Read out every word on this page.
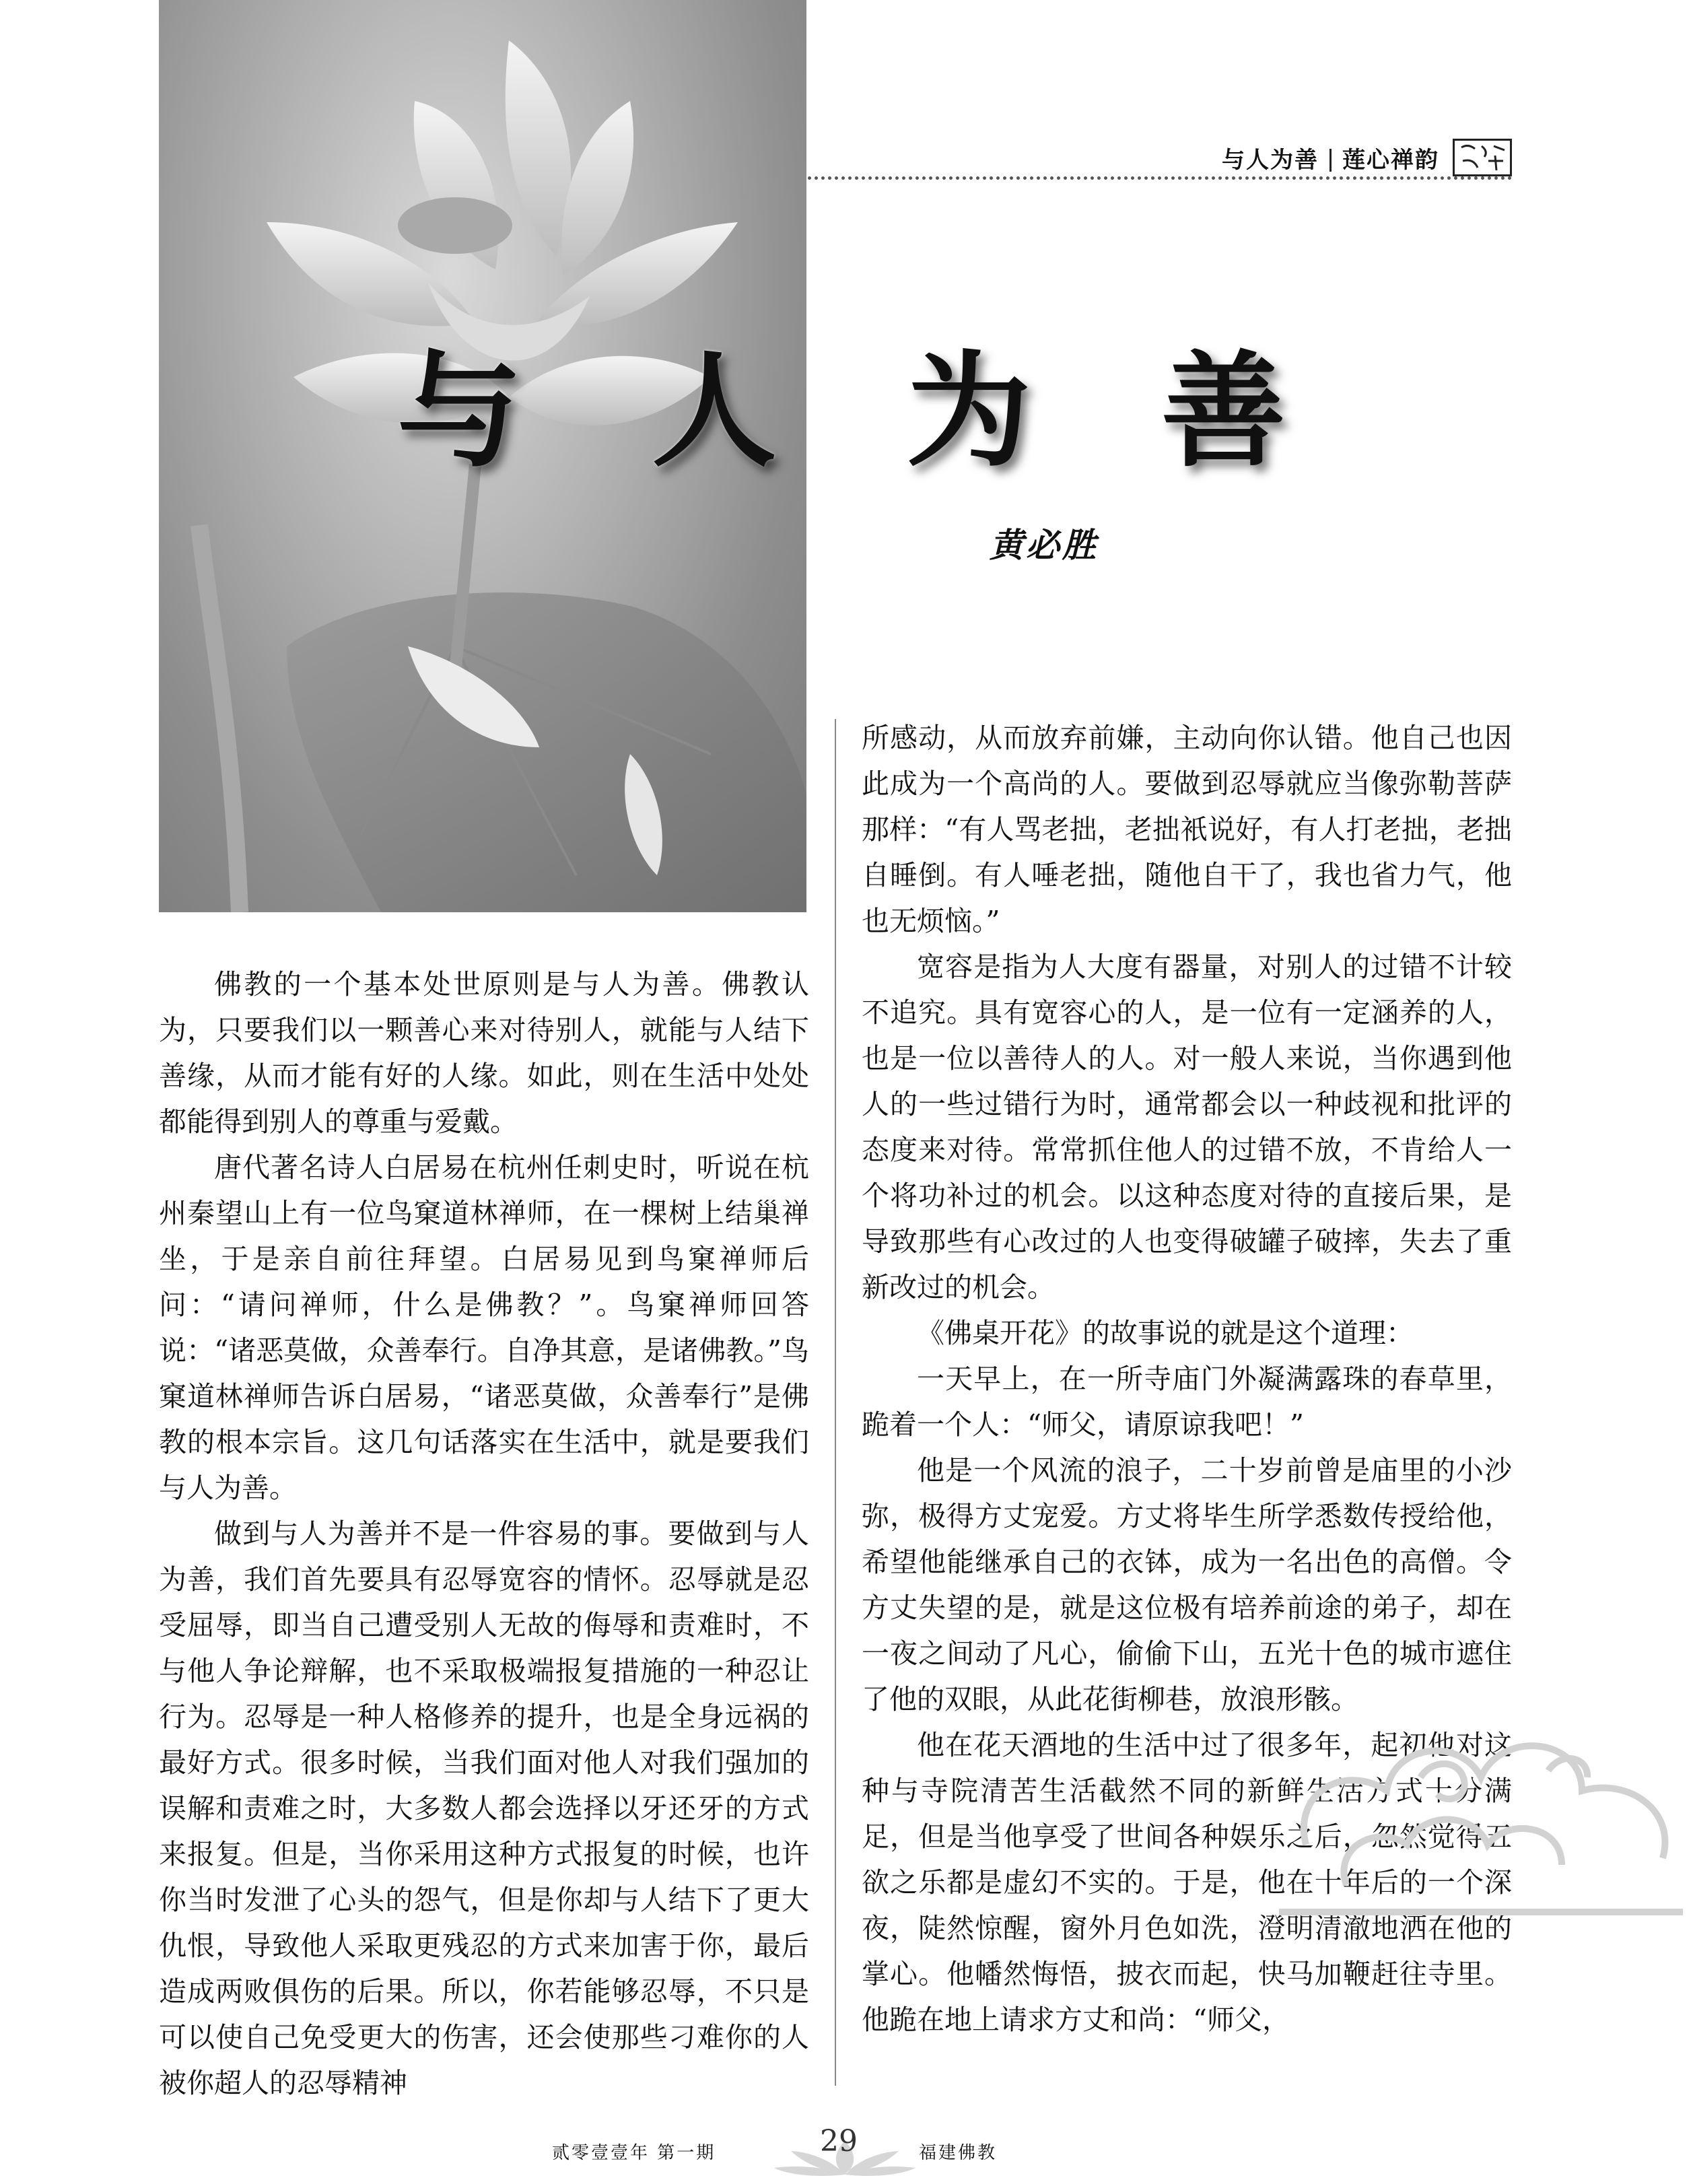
与人为善 莲心禅韵
与 人 为 善
黄必胜

佛教的一个基本处世原则是与人为善。佛教认为，只要我们以一颗善心来对待别人，就能与人结下善缘，从而才能有好的人缘。如此，则在生活中处处都能得到别人的尊重与爱戴。

唐代著名诗人白居易在杭州任刺史时，听说在杭州秦望山上有一位鸟窠道林禅师，在一棵树上结巢禅坐，于是亲自前往拜望。白居易见到鸟窠禅师后问：“请问禅师，什么是佛教？”。鸟窠禅师回答说：“诸恶莫做，众善奉行。自净其意，是诸佛教。”鸟窠道林禅师告诉白居易，“诸恶莫做，众善奉行”是佛教的根本宗旨。这几句话落实在生活中，就是要我们与人为善。

做到与人为善并不是一件容易的事。要做到与人为善，我们首先要具有忍辱宽容的情怀。忍辱就是忍受屈辱，即当自己遭受别人无故的侮辱和责难时，不与他人争论辩解，也不采取极端报复措施的一种忍让行为。忍辱是一种人格修养的提升，也是全身远祸的最好方式。很多时候，当我们面对他人对我们强加的误解和责难之时，大多数人都会选择以牙还牙的方式来报复。但是，当你采用这种方式报复的时候，也许你当时发泄了心头的怨气，但是你却与人结下了更大仇恨，导致他人采取更残忍的方式来加害于你，最后造成两败俱伤的后果。所以，你若能够忍辱，不只是可以使自己免受更大的伤害，还会使那些刁难你的人被你超人的忍辱精神

所感动，从而放弃前嫌，主动向你认错。他自己也因此成为一个高尚的人。要做到忍辱就应当像弥勒菩萨那样：“有人骂老拙，老拙衹说好，有人打老拙，老拙自睡倒。有人唾老拙，随他自干了，我也省力气，他也无烦恼。”

宽容是指为人大度有器量，对别人的过错不计较不追究。具有宽容心的人，是一位有一定涵养的人，也是一位以善待人的人。对一般人来说，当你遇到他人的一些过错行为时，通常都会以一种歧视和批评的态度来对待。常常抓住他人的过错不放，不肯给人一个将功补过的机会。以这种态度对待的直接后果，是导致那些有心改过的人也变得破罐子破摔，失去了重新改过的机会。

《佛桌开花》的故事说的就是这个道理：

一天早上，在一所寺庙门外凝满露珠的春草里，跪着一个人：“师父，请原谅我吧！”

他是一个风流的浪子，二十岁前曾是庙里的小沙弥，极得方丈宠爱。方丈将毕生所学悉数传授给他，希望他能继承自己的衣钵，成为一名出色的高僧。令方丈失望的是，就是这位极有培养前途的弟子，却在一夜之间动了凡心，偷偷下山，五光十色的城市遮住了他的双眼，从此花街柳巷，放浪形骸。

他在花天酒地的生活中过了很多年，起初他对这种与寺院清苦生活截然不同的新鲜生活方式十分满足，但是当他享受了世间各种娱乐之后，忽然觉得五欲之乐都是虚幻不实的。于是，他在十年后的一个深夜，陡然惊醒，窗外月色如洗，澄明清澈地洒在他的掌心。他幡然悔悟，披衣而起，快马加鞭赶往寺里。他跪在地上请求方丈和尚：“师父，

贰零壹壹年 第一期	29	福建佛教
